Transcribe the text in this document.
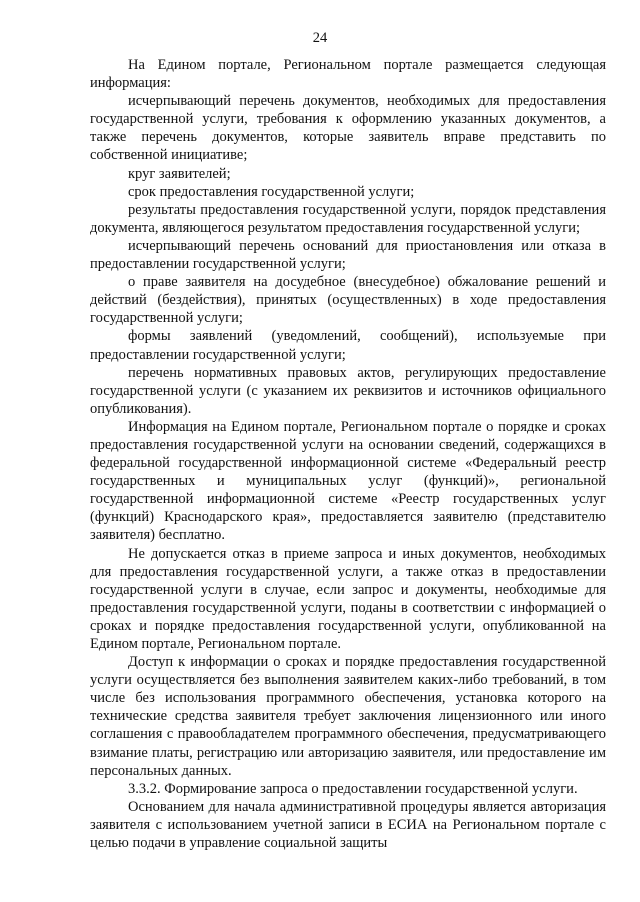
24

На Едином портале, Региональном портале размещается следующая информация:

исчерпывающий перечень документов, необходимых для предоставления государственной услуги, требования к оформлению указанных документов, а также перечень документов, которые заявитель вправе представить по собственной инициативе;

круг заявителей;

срок предоставления государственной услуги;

результаты предоставления государственной услуги, порядок представления документа, являющегося результатом предоставления государственной услуги;

исчерпывающий перечень оснований для приостановления или отказа в предоставлении государственной услуги;

о праве заявителя на досудебное (внесудебное) обжалование решений и действий (бездействия), принятых (осуществленных) в ходе предоставления государственной услуги;

формы заявлений (уведомлений, сообщений), используемые при предоставлении государственной услуги;

перечень нормативных правовых актов, регулирующих предоставление государственной услуги (с указанием их реквизитов и источников официального опубликования).

Информация на Едином портале, Региональном портале о порядке и сроках предоставления государственной услуги на основании сведений, содержащихся в федеральной государственной информационной системе «Федеральный реестр государственных и муниципальных услуг (функций)», региональной государственной информационной системе «Реестр государственных услуг (функций) Краснодарского края», предоставляется заявителю (представителю заявителя) бесплатно.

Не допускается отказ в приеме запроса и иных документов, необходимых для предоставления государственной услуги, а также отказ в предоставлении государственной услуги в случае, если запрос и документы, необходимые для предоставления государственной услуги, поданы в соответствии с информацией о сроках и порядке предоставления государственной услуги, опубликованной на Едином портале, Региональном портале.

Доступ к информации о сроках и порядке предоставления государственной услуги осуществляется без выполнения заявителем каких-либо требований, в том числе без использования программного обеспечения, установка которого на технические средства заявителя требует заключения лицензионного или иного соглашения с правообладателем программного обеспечения, предусматривающего взимание платы, регистрацию или авторизацию заявителя, или предоставление им персональных данных.

3.3.2. Формирование запроса о предоставлении государственной услуги.

Основанием для начала административной процедуры является авторизация заявителя с использованием учетной записи в ЕСИА на Региональном портале с целью подачи в управление социальной защиты
